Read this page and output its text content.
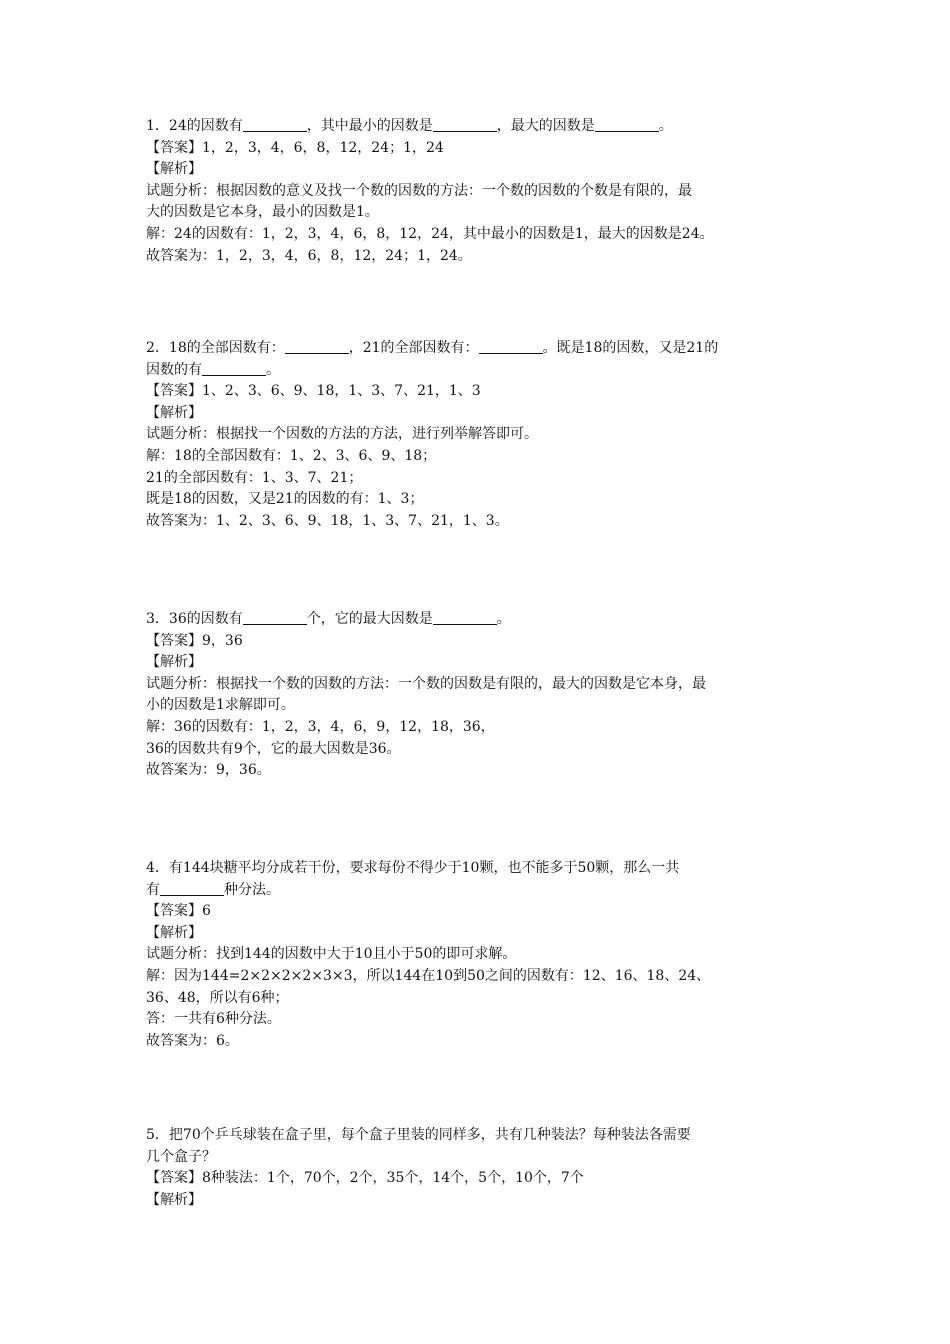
1．24的因数有	，其中最小的因数是	，最大的因数是	。
【答案】1，2，3，4，6，8，12，24；1，24
【解析】
试题分析：根据因数的意义及找一个数的因数的方法：一个数的因数的个数是有限的，最
大的因数是它本身，最小的因数是1。
解：24的因数有：1，2，3，4，6，8，12，24，其中最小的因数是1，最大的因数是24。
故答案为：1，2，3，4，6，8，12，24；1，24。
2．18的全部因数有：	，21的全部因数有：	。既是18的因数，又是21的
因数的有	。
【答案】1、2、3、6、9、18，1、3、7、21，1、3
【解析】
试题分析：根据找一个因数的方法的方法，进行列举解答即可。
解：18的全部因数有：1、2、3、6、9、18；
21的全部因数有：1、3、7、21；
既是18的因数，又是21的因数的有：1、3；
故答案为：1、2、3、6、9、18，1、3、7、21，1、3。
3．36的因数有	个，它的最大因数是	。
【答案】9，36
【解析】
试题分析：根据找一个数的因数的方法：一个数的因数是有限的，最大的因数是它本身，最
小的因数是1求解即可。
解：36的因数有：1，2，3，4，6，9，12，18，36，
36的因数共有9个，它的最大因数是36。
故答案为：9，36。
4．有144块糖平均分成若干份，要求每份不得少于10颗，也不能多于50颗，那么一共
有	种分法。
【答案】6
【解析】
试题分析：找到144的因数中大于10且小于50的即可求解。
解：因为144=2×2×2×2×3×3，所以144在10到50之间的因数有：12、16、18、24、
36、48，所以有6种；
答：一共有6种分法。
故答案为：6。
5．把70个乒乓球装在盒子里，每个盒子里装的同样多，共有几种装法？每种装法各需要
几个盒子？
【答案】8种装法：1个，70个，2个，35个，14个，5个，10个，7个
【解析】
